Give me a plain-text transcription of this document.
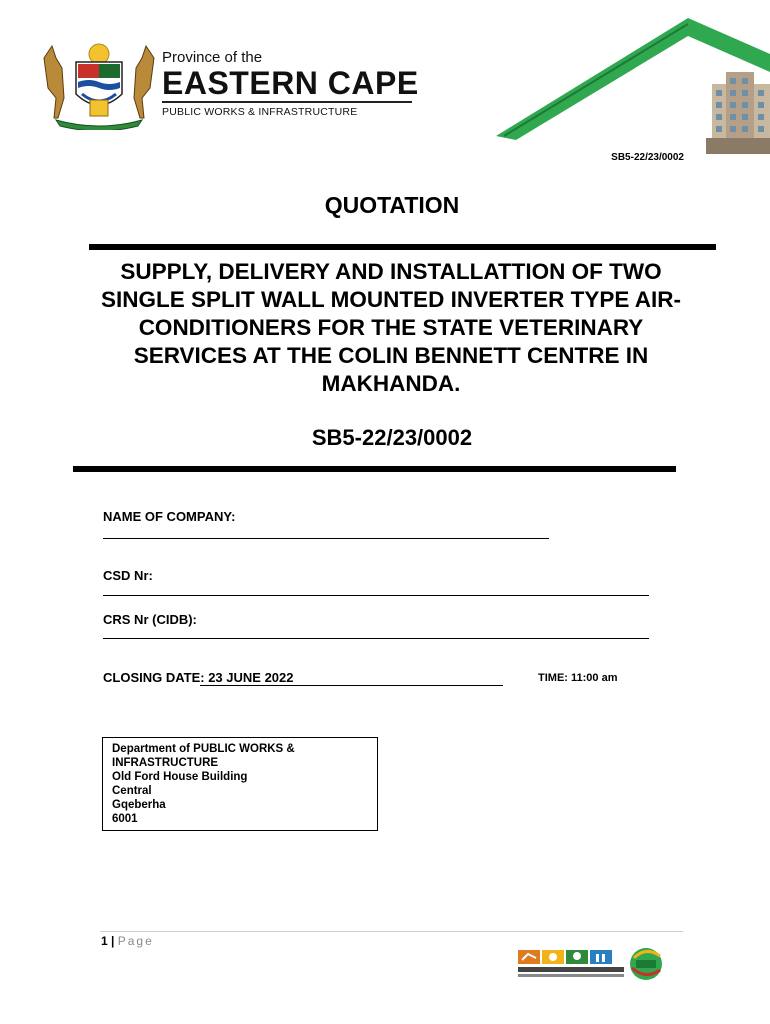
Province of the
EASTERN CAPE
PUBLIC WORKS & INFRASTRUCTURE
SB5-22/23/0002
QUOTATION
SUPPLY, DELIVERY AND INSTALLATTION OF TWO SINGLE SPLIT WALL MOUNTED INVERTER TYPE AIR-CONDITIONERS FOR THE STATE VETERINARY SERVICES AT THE COLIN BENNETT CENTRE IN MAKHANDA.
SB5-22/23/0002
NAME OF COMPANY:
CSD Nr:
CRS Nr (CIDB):
CLOSING DATE: 23 JUNE 2022	TIME: 11:00 am
Department of PUBLIC WORKS &
INFRASTRUCTURE
Old Ford House Building
Central
Gqeberha
6001
1 | Page
